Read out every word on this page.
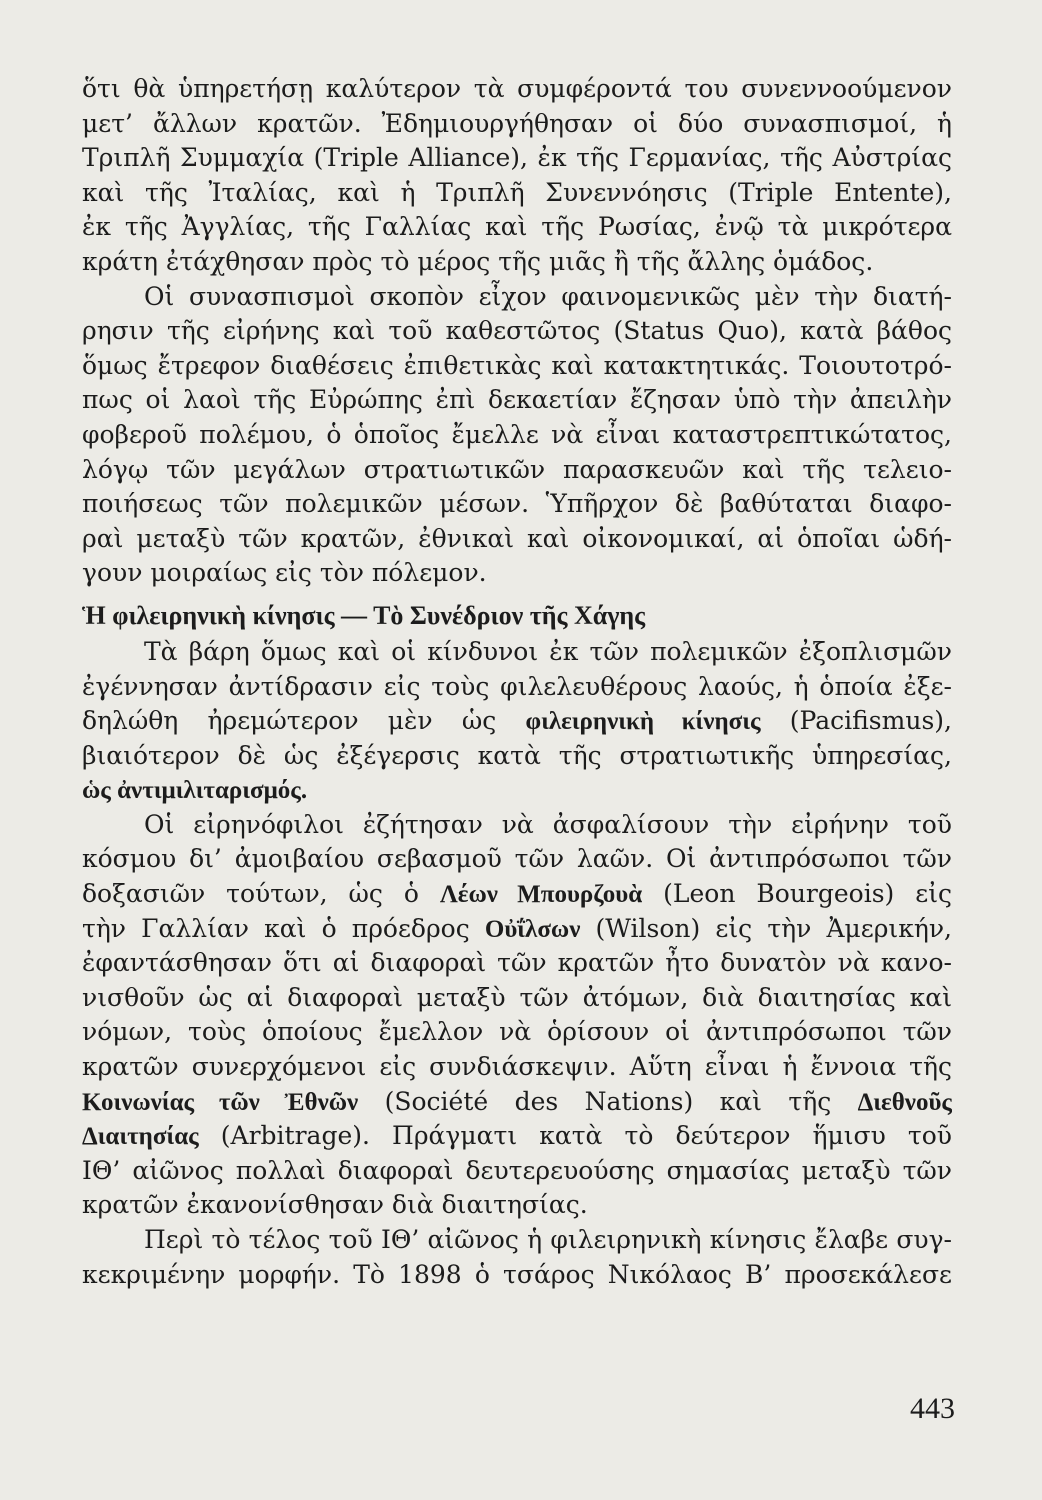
ὅτι θὰ ὑπηρετήσῃ καλύτερον τὰ συμφέροντά του συνεννοούμενον
μετ’ ἄλλων κρατῶν. Ἐδημιουργήθησαν οἱ δύο συνασπισμοί, ἡ
Τριπλῆ Συμμαχία (Triple Alliance), ἐκ τῆς Γερμανίας, τῆς Αὐστρίας
καὶ τῆς Ἰταλίας, καὶ ἡ Τριπλῆ Συνεννόησις (Triple Entente),
ἐκ τῆς Ἀγγλίας, τῆς Γαλλίας καὶ τῆς Ρωσίας, ἐνῷ τὰ μικρότερα
κράτη ἐτάχθησαν πρὸς τὸ μέρος τῆς μιᾶς ἢ τῆς ἄλλης ὁμάδος.
Οἱ συνασπισμοὶ σκοπὸν εἶχον φαινομενικῶς μὲν τὴν διατή-
ρησιν τῆς εἰρήνης καὶ τοῦ καθεστῶτος (Status Quo), κατὰ βάθος
ὅμως ἔτρεφον διαθέσεις ἐπιθετικὰς καὶ κατακτητικάς. Τοιουτοτρό-
πως οἱ λαοὶ τῆς Εὐρώπης ἐπὶ δεκαετίαν ἔζησαν ὑπὸ τὴν ἀπειλὴν
φοβεροῦ πολέμου, ὁ ὁποῖος ἔμελλε νὰ εἶναι καταστρεπτικώτατος,
λόγῳ τῶν μεγάλων στρατιωτικῶν παρασκευῶν καὶ τῆς τελειο-
ποιήσεως τῶν πολεμικῶν μέσων. Ὑπῆρχον δὲ βαθύταται διαφο-
ραὶ μεταξὺ τῶν κρατῶν, ἐθνικαὶ καὶ οἰκονομικαί, αἱ ὁποῖαι ὡδή-
γουν μοιραίως εἰς τὸν πόλεμον.
Ἡ φιλειρηνικὴ κίνησις — Τὸ Συνέδριον τῆς Χάγης
Τὰ βάρη ὅμως καὶ οἱ κίνδυνοι ἐκ τῶν πολεμικῶν ἐξοπλισμῶν
ἐγέννησαν ἀντίδρασιν εἰς τοὺς φιλελευθέρους λαούς, ἡ ὁποία ἐξε-
δηλώθη ἠρεμώτερον μὲν ὡς φιλειρηνικὴ κίνησις (Pacifismus),
βιαιότερον δὲ ὡς ἐξέγερσις κατὰ τῆς στρατιωτικῆς ὑπηρεσίας,
ὡς ἀντιμιλιταρισμός.
Οἱ εἰρηνόφιλοι ἐζήτησαν νὰ ἀσφαλίσουν τὴν εἰρήνην τοῦ
κόσμου δι’ ἀμοιβαίου σεβασμοῦ τῶν λαῶν. Οἱ ἀντιπρόσωποι τῶν
δοξασιῶν τούτων, ὡς ὁ Λέων Μπουρζουὰ (Leon Bourgeois) εἰς
τὴν Γαλλίαν καὶ ὁ πρόεδρος Οὐΐλσων (Wilson) εἰς τὴν Ἀμερικήν,
ἐφαντάσθησαν ὅτι αἱ διαφοραὶ τῶν κρατῶν ἦτο δυνατὸν νὰ κανο-
νισθοῦν ὡς αἱ διαφοραὶ μεταξὺ τῶν ἀτόμων, διὰ διαιτησίας καὶ
νόμων, τοὺς ὁποίους ἔμελλον νὰ ὁρίσουν οἱ ἀντιπρόσωποι τῶν
κρατῶν συνερχόμενοι εἰς συνδιάσκεψιν. Αὕτη εἶναι ἡ ἔννοια τῆς
Κοινωνίας τῶν Ἐθνῶν (Société des Nations) καὶ τῆς Διεθνοῦς
Διαιτησίας (Arbitrage). Πράγματι κατὰ τὸ δεύτερον ἥμισυ τοῦ
ΙΘ’ αἰῶνος πολλαὶ διαφοραὶ δευτερευούσης σημασίας μεταξὺ τῶν
κρατῶν ἐκανονίσθησαν διὰ διαιτησίας.
Περὶ τὸ τέλος τοῦ ΙΘ’ αἰῶνος ἡ φιλειρηνικὴ κίνησις ἔλαβε συγ-
κεκριμένην μορφήν. Τὸ 1898 ὁ τσάρος Νικόλαος Β’ προσεκάλεσε
443
